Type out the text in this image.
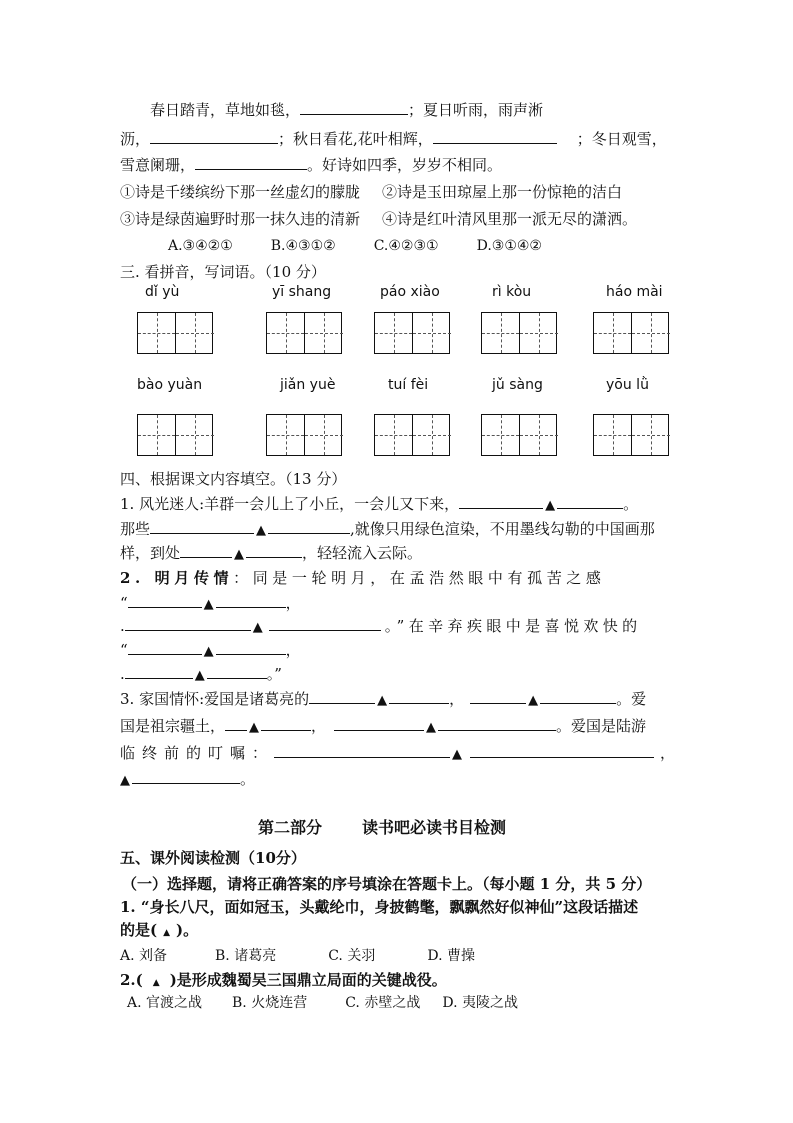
春日踏青，草地如毯，	；夏日听雨，雨声淅
沥，	；秋日看花,花叶相辉，	；冬日观雪，
雪意阑珊，	。好诗如四季，岁岁不相同。
①诗是千缕缤纷下那一丝虚幻的朦胧 ②诗是玉田琼屋上那一份惊艳的洁白
③诗是绿茵遍野时那一抹久违的清新 ④诗是红叶清风里那一派无尽的潇洒。
A.③④②①	B.④③①②	C.④②③①	D.③①④②
三. 看拼音，写词语。（10 分）
dǐ yù	yī shang	páo xiào	rì kòu	háo mài
bào yuàn	jiǎn yuè	tuí fèi	jǔ sàng	yōu lǜ
四、根据课文内容填空。（13 分）
1. 风光迷人:羊群一会儿上了小丘，一会儿又下来，	▲	。
那些	▲	,就像只用绿色渲染，不用墨线勾勒的中国画那
样，到处	▲	，轻轻流入云际。
2. 明月传情：同是一轮明月，在孟浩然眼中有孤苦之感
“	▲	，
.	▲	。”在辛弃疾眼中是喜悦欢快的
“	▲	，
.	▲	。”
3. 家国情怀:爱国是诸葛亮的	▲	，	▲	。爱
国是祖宗疆土， ▲	，	▲	。爱国是陆游
临终前的叮嘱：	▲	，
▲	。
第二部分	读书吧必读书目检测
五、课外阅读检测（10分）
（一）选择题，请将正确答案的序号填涂在答题卡上。（每小题 1 分，共 5 分）
1. “身长八尺，面如冠玉，头戴纶巾，身披鹤氅，飘飘然好似神仙”这段话描述
的是( ▲ )。
A. 刘备	B. 诸葛亮	C. 关羽	D. 曹操
2.( ▲ )是形成魏蜀吴三国鼎立局面的关键战役。
A. 官渡之战 B. 火烧连营	C. 赤壁之战 D. 夷陵之战
